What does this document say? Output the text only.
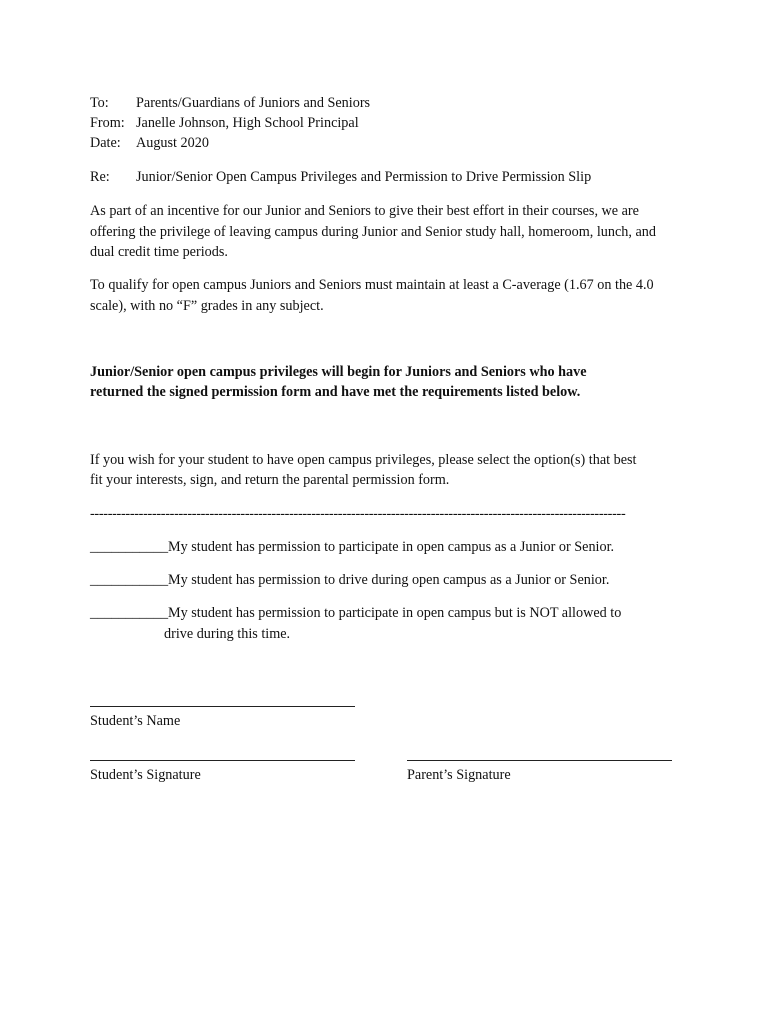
To: Parents/Guardians of Juniors and Seniors
From: Janelle Johnson, High School Principal
Date: August 2020
Re: Junior/Senior Open Campus Privileges and Permission to Drive Permission Slip
As part of an incentive for our Junior and Seniors to give their best effort in their courses, we are offering the privilege of leaving campus during Junior and Senior study hall, homeroom, lunch, and dual credit time periods.
To qualify for open campus Juniors and Seniors must maintain at least a C-average (1.67 on the 4.0 scale), with no “F” grades in any subject.
Junior/Senior open campus privileges will begin for Juniors and Seniors who have
returned the signed permission form and have met the requirements listed below.
If you wish for your student to have open campus privileges, please select the option(s) that best
fit your interests, sign, and return the parental permission form.
-------------------------------------------------------------------------------------------------------------------------
___________My student has permission to participate in open campus as a Junior or Senior.
___________My student has permission to drive during open campus as a Junior or Senior.
___________My student has permission to participate in open campus but is NOT allowed to
drive during this time.
Student’s Name
Student’s Signature	Parent’s Signature
